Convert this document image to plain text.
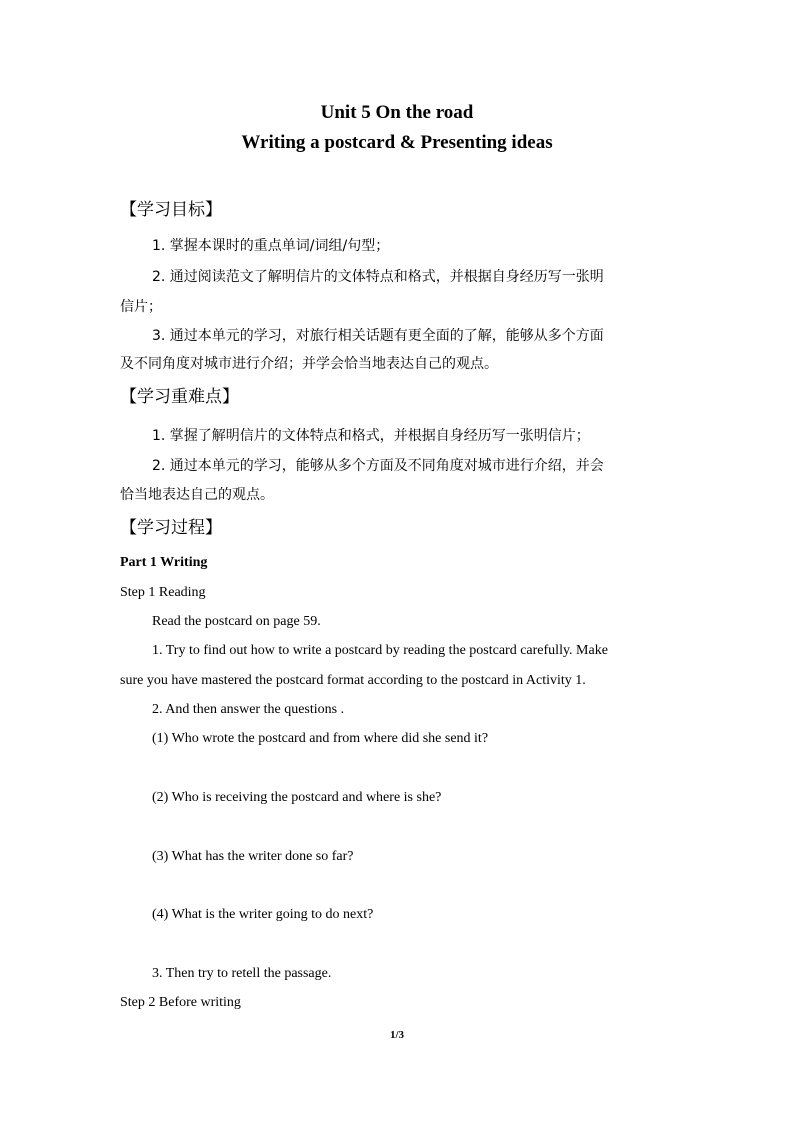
Unit 5 On the road
Writing a postcard & Presenting ideas
【学习目标】
1. 掌握本课时的重点单词/词组/句型；
2. 通过阅读范文了解明信片的文体特点和格式，并根据自身经历写一张明
信片；
3. 通过本单元的学习，对旅行相关话题有更全面的了解，能够从多个方面
及不同角度对城市进行介绍；并学会恰当地表达自己的观点。
【学习重难点】
1. 掌握了解明信片的文体特点和格式，并根据自身经历写一张明信片；
2. 通过本单元的学习，能够从多个方面及不同角度对城市进行介绍，并会
恰当地表达自己的观点。
【学习过程】
Part 1 Writing
Step 1 Reading
Read the postcard on page 59.
1. Try to find out how to write a postcard by reading the postcard carefully. Make
sure you have mastered the postcard format according to the postcard in Activity 1.
2. And then answer the questions .
(1) Who wrote the postcard and from where did she send it?
(2) Who is receiving the postcard and where is she?
(3) What has the writer done so far?
(4) What is the writer going to do next?
3. Then try to retell the passage.
Step 2 Before writing
1/3
